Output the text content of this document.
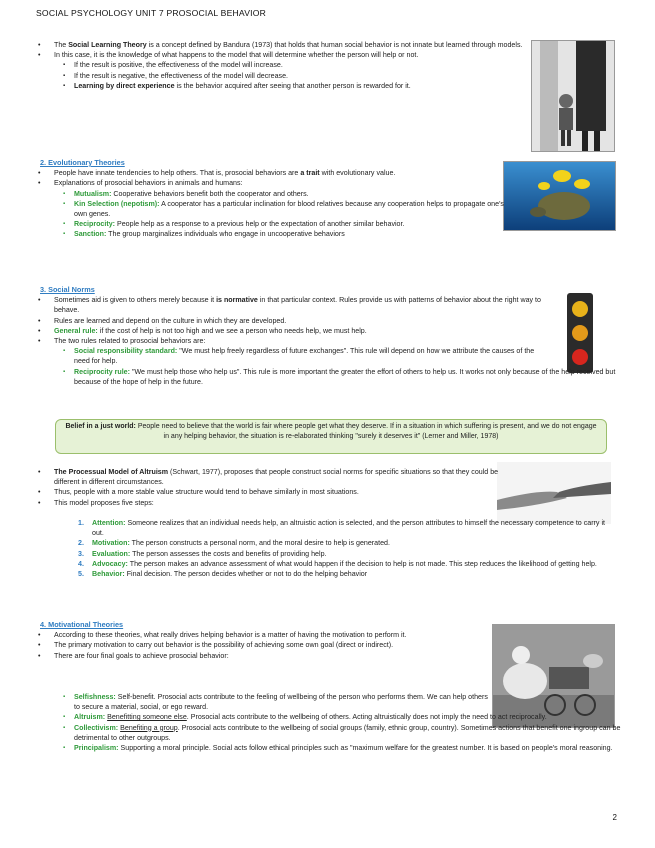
SOCIAL PSYCHOLOGY UNIT 7 PROSOCIAL BEHAVIOR
• The Social Learning Theory is a concept defined by Bandura (1973) that holds that human social behavior is not innate but learned through models.
• In this case, it is the knowledge of what happens to the model that will determine whether the person will help or not.
▪ If the result is positive, the effectiveness of the model will increase.
▪ If the result is negative, the effectiveness of the model will decrease.
▪ Learning by direct experience is the behavior acquired after seeing that another person is rewarded for it.
2. Evolutionary Theories
• People have innate tendencies to help others. That is, prosocial behaviors are a trait with evolutionary value.
• Explanations of prosocial behaviors in animals and humans:
▪ Mutualism: Cooperative behaviors benefit both the cooperator and others.
▪ Kin Selection (nepotism): A cooperator has a particular inclination for blood relatives because any cooperation helps to propagate one's own genes.
▪ Reciprocity: People help as a response to a previous help or the expectation of another similar behavior.
▪ Sanction: The group marginalizes individuals who engage in uncooperative behaviors
3. Social Norms
• Sometimes aid is given to others merely because it is normative in that particular context. Rules provide us with patterns of behavior about the right way to behave.
• Rules are learned and depend on the culture in which they are developed.
• General rule: if the cost of help is not too high and we see a person who needs help, we must help.
• The two rules related to prosocial behaviors are:
▪ Social responsibility standard: "We must help freely regardless of future exchanges". This rule will depend on how we attribute the causes of the need for help.
▪ Reciprocity rule: "We must help those who help us". This rule is more important the greater the effort of others to help us. It works not only because of the help received but because of the hope of help in the future.
Belief in a just world: People need to believe that the world is fair where people get what they deserve. If in a situation in which suffering is present, and we do not engage in any helping behavior, the situation is re-elaborated thinking "surely it deserves it" (Lerner and Miller, 1978)
• The Processual Model of Altruism (Schwart, 1977), proposes that people construct social norms for specific situations so that they could be different in different circumstances.
• Thus, people with a more stable value structure would tend to behave similarly in most situations.
• This model proposes five steps:
1. Attention: Someone realizes that an individual needs help, an altruistic action is selected, and the person attributes to himself the necessary competence to carry it out.
2. Motivation: The person constructs a personal norm, and the moral desire to help is generated.
3. Evaluation: The person assesses the costs and benefits of providing help.
4. Advocacy: The person makes an advance assessment of what would happen if the decision to help is not made. This step reduces the likelihood of getting help.
5. Behavior: Final decision. The person decides whether or not to do the helping behavior
4. Motivational Theories
• According to these theories, what really drives helping behavior is a matter of having the motivation to perform it.
• The primary motivation to carry out behavior is the possibility of achieving some own goal (direct or indirect).
• There are four final goals to achieve prosocial behavior:
▪ Selfishness: Self-benefit. Prosocial acts contribute to the feeling of wellbeing of the person who performs them. We can help others to secure a material, social, or ego reward.
▪ Altruism: Benefitting someone else. Prosocial acts contribute to the wellbeing of others. Acting altruistically does not imply the need to act reciprocally.
▪ Collectivism: Benefiting a group. Prosocial acts contribute to the wellbeing of social groups (family, ethnic group, country). Sometimes actions that benefit one ingroup can be detrimental to other outgroups.
▪ Principalism: Supporting a moral principle. Social acts follow ethical principles such as "maximum welfare for the greatest number. It is based on people's moral reasoning.
2
